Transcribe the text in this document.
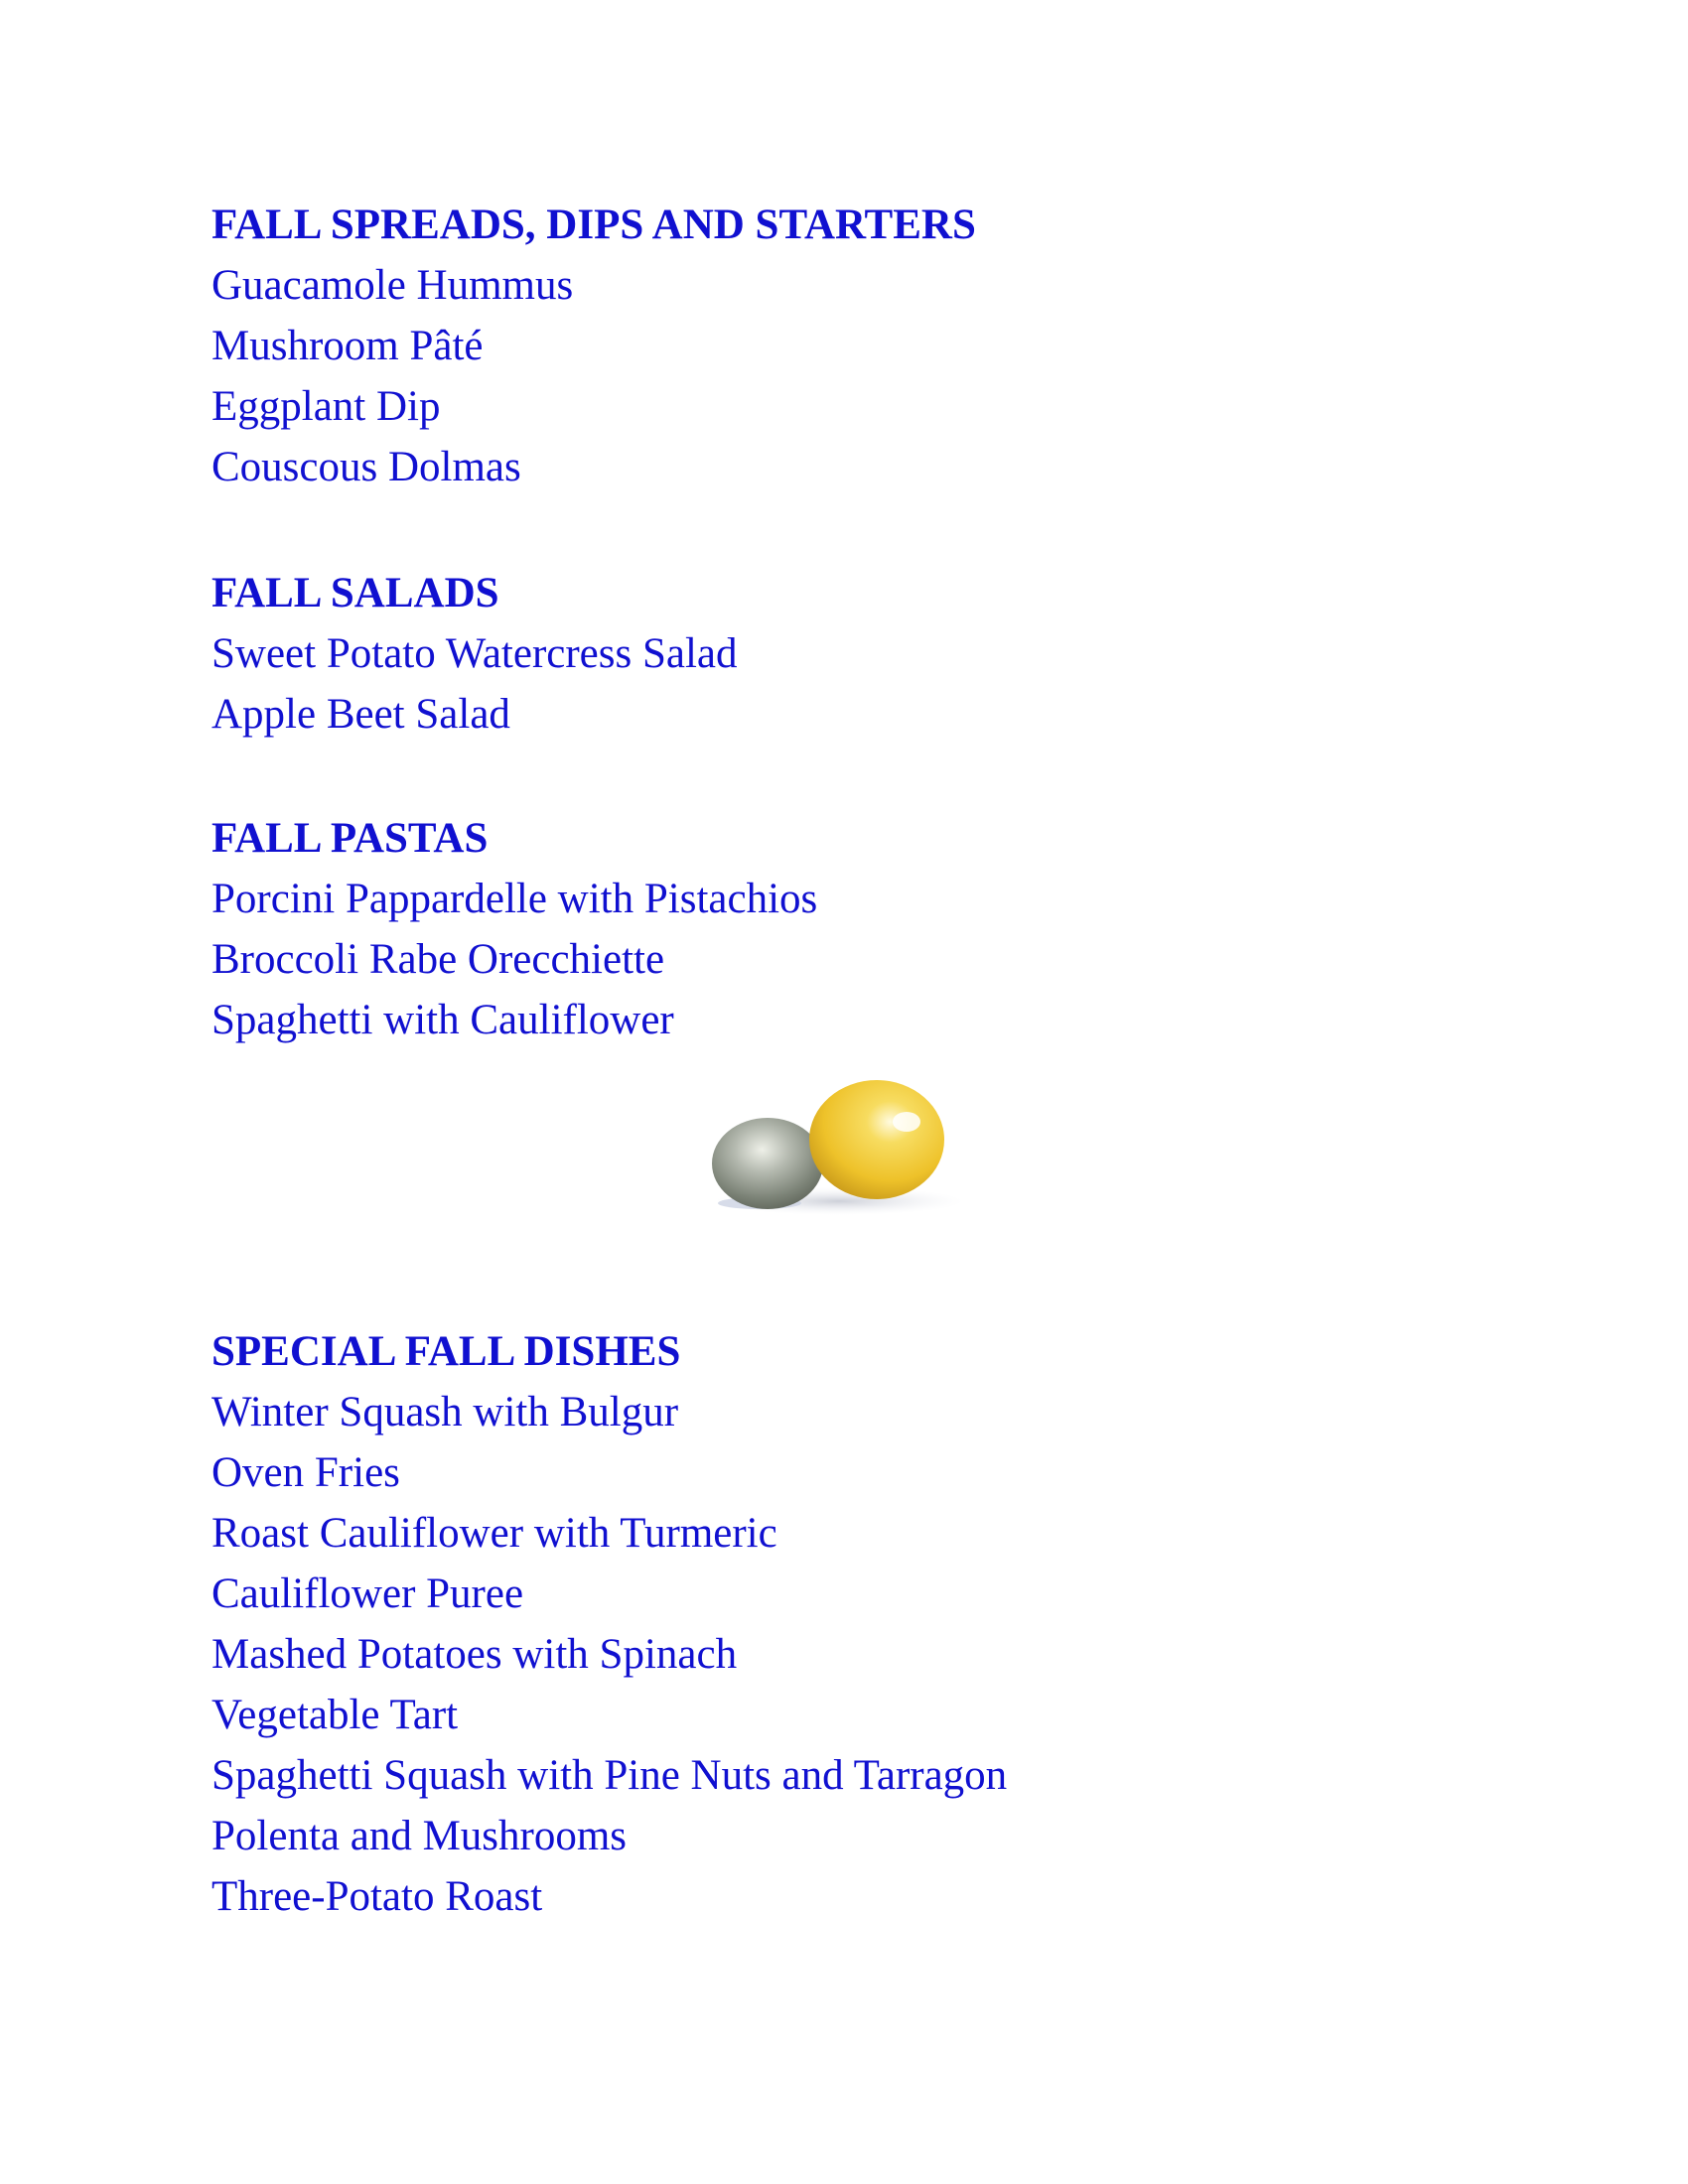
FALL SPREADS, DIPS AND STARTERS
Guacamole Hummus
Mushroom Pâté
Eggplant Dip
Couscous Dolmas
FALL SALADS
Sweet Potato Watercress Salad
Apple Beet Salad
FALL PASTAS
Porcini Pappardelle with Pistachios
Broccoli Rabe Orecchiette
Spaghetti with Cauliflower
SPECIAL FALL DISHES
Winter Squash with Bulgur
Oven Fries
Roast Cauliflower with Turmeric
Cauliflower Puree
Mashed Potatoes with Spinach
Vegetable Tart
Spaghetti Squash with Pine Nuts and Tarragon
Polenta and Mushrooms
Three-Potato Roast
